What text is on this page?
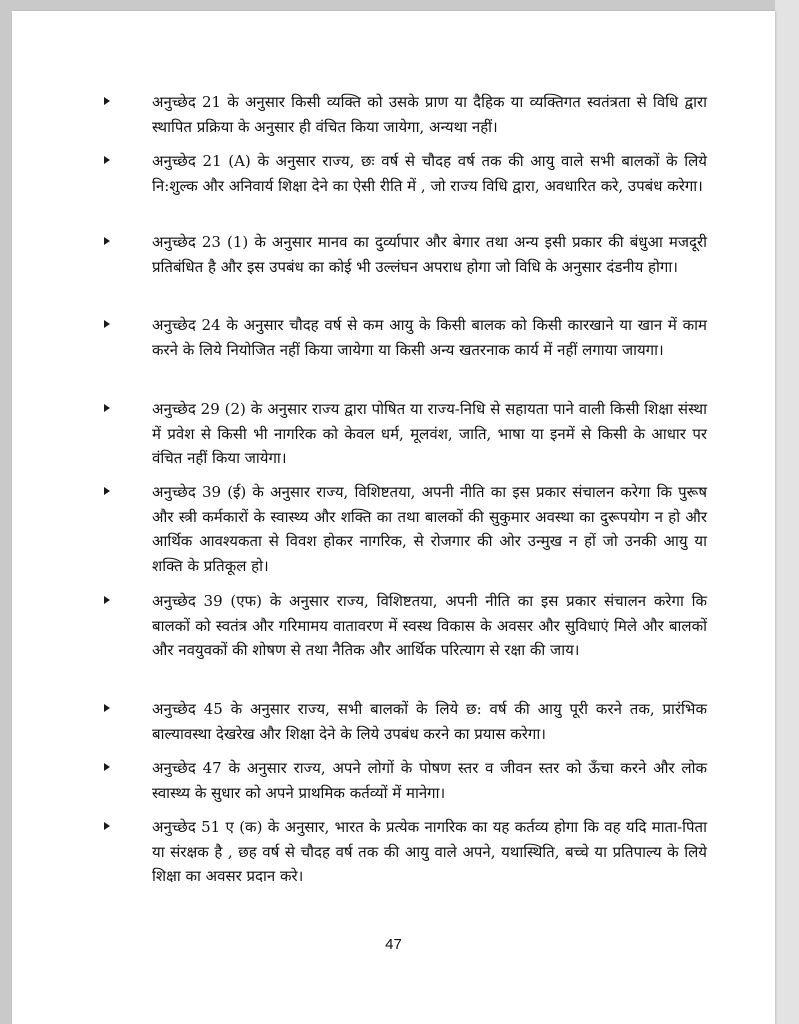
अनुच्छेद 21 के अनुसार किसी व्यक्ति को उसके प्राण या दैहिक या व्यक्तिगत स्वतंत्रता से विधि द्वारा स्थापित प्रक्रिया के अनुसार ही वंचित किया जायेगा, अन्यथा नहीं।
अनुच्छेद 21 (A) के अनुसार राज्य, छः वर्ष से चौदह वर्ष तक की आयु वाले सभी बालकों के लिये नि:शुल्क और अनिवार्य शिक्षा देने का ऐसी रीति में , जो राज्य विधि द्वारा, अवधारित करे, उपबंध करेगा।
अनुच्छेद 23 (1) के अनुसार मानव का दुर्व्यापार और बेगार तथा अन्य इसी प्रकार की बंधुआ मजदूरी प्रतिबंधित है और इस उपबंध का कोई भी उल्लंघन अपराध होगा जो विधि के अनुसार दंडनीय होगा।
अनुच्छेद 24 के अनुसार चौदह वर्ष से कम आयु के किसी बालक को किसी कारखाने या खान में काम करने के लिये नियोजित नहीं किया जायेगा या किसी अन्य खतरनाक कार्य में नहीं लगाया जायगा।
अनुच्छेद 29 (2) के अनुसार राज्य द्वारा पोषित या राज्य-निधि से सहायता पाने वाली किसी शिक्षा संस्था में प्रवेश से किसी भी नागरिक को केवल धर्म, मूलवंश, जाति, भाषा या इनमें से किसी के आधार पर वंचित नहीं किया जायेगा।
अनुच्छेद 39 (ई) के अनुसार राज्य, विशिष्टतया, अपनी नीति का इस प्रकार संचालन करेगा कि पुरूष और स्त्री कर्मकारों के स्वास्थ्य और शक्ति का तथा बालकों की सुकुमार अवस्था का दुरूपयोग न हो और आर्थिक आवश्यकता से विवश होकर नागरिक, से रोजगार की ओर उन्मुख न हों जो उनकी आयु या शक्ति के प्रतिकूल हो।
अनुच्छेद 39 (एफ) के अनुसार राज्य, विशिष्टतया, अपनी नीति का इस प्रकार संचालन करेगा कि बालकों को स्वतंत्र और गरिमामय वातावरण में स्वस्थ विकास के अवसर और सुविधाएं मिले और बालकों और नवयुवकों की शोषण से तथा नैतिक और आर्थिक परित्याग से रक्षा की जाय।
अनुच्छेद 45 के अनुसार राज्य, सभी बालकों के लिये छ: वर्ष की आयु पूरी करने तक, प्रारंभिक बाल्यावस्था देखरेख और शिक्षा देने के लिये उपबंध करने का प्रयास करेगा।
अनुच्छेद 47 के अनुसार राज्य, अपने लोगों के पोषण स्तर व जीवन स्तर को ऊँचा करने और लोक स्वास्थ्य के सुधार को अपने प्राथमिक कर्तव्यों में मानेगा।
अनुच्छेद 51 ए (क) के अनुसार, भारत के प्रत्येक नागरिक का यह कर्तव्य होगा कि वह यदि माता-पिता या संरक्षक है , छह वर्ष से चौदह वर्ष तक की आयु वाले अपने, यथास्थिति, बच्चे या प्रतिपाल्य के लिये शिक्षा का अवसर प्रदान करे।
47
